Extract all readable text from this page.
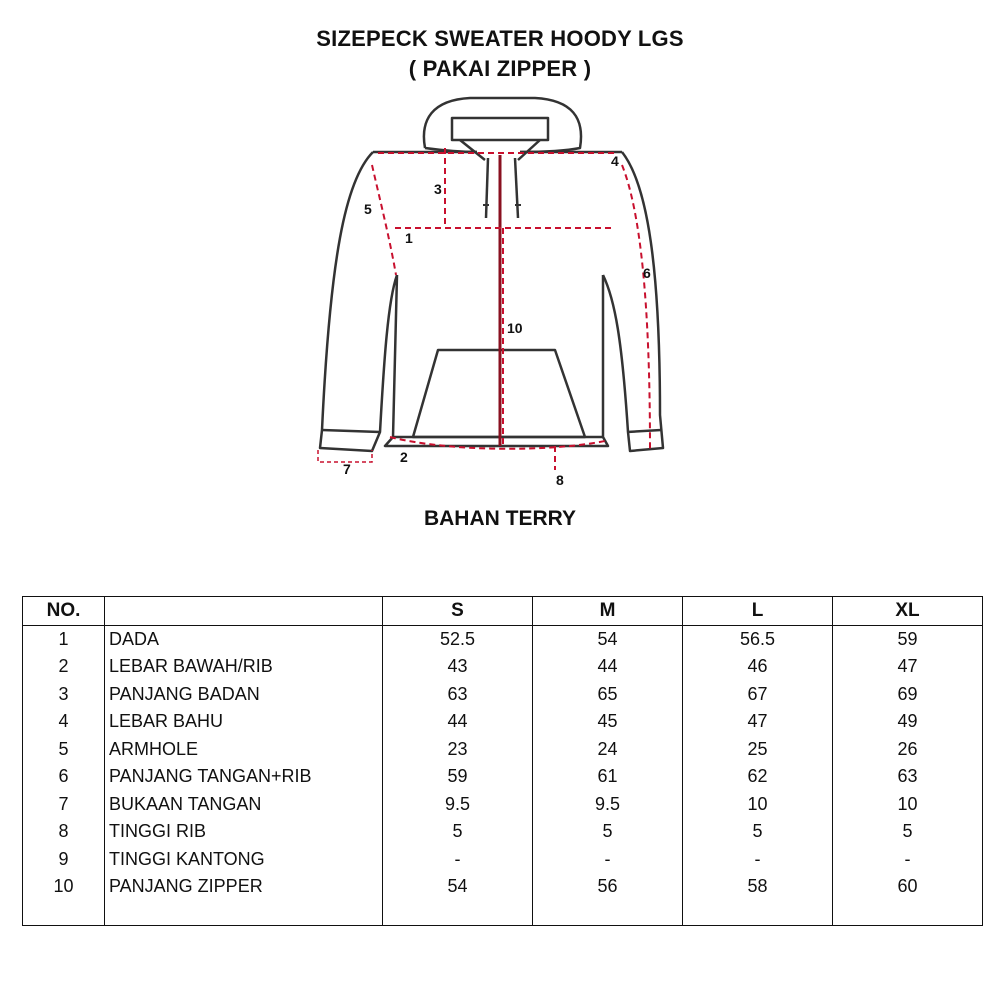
SIZEPECK SWEATER HOODY LGS
( PAKAI ZIPPER )
1
2
3
4
5
6
7
8
10
BAHAN TERRY
NO.		S	M	L	XL
1	DADA	52.5	54	56.5	59
2	LEBAR BAWAH/RIB	43	44	46	47
3	PANJANG BADAN	63	65	67	69
4	LEBAR BAHU	44	45	47	49
5	ARMHOLE	23	24	25	26
6	PANJANG TANGAN+RIB	59	61	62	63
7	BUKAAN TANGAN	9.5	9.5	10	10
8	TINGGI RIB	5	5	5	5
9	TINGGI KANTONG	-	-	-	-
10	PANJANG ZIPPER	54	56	58	60
